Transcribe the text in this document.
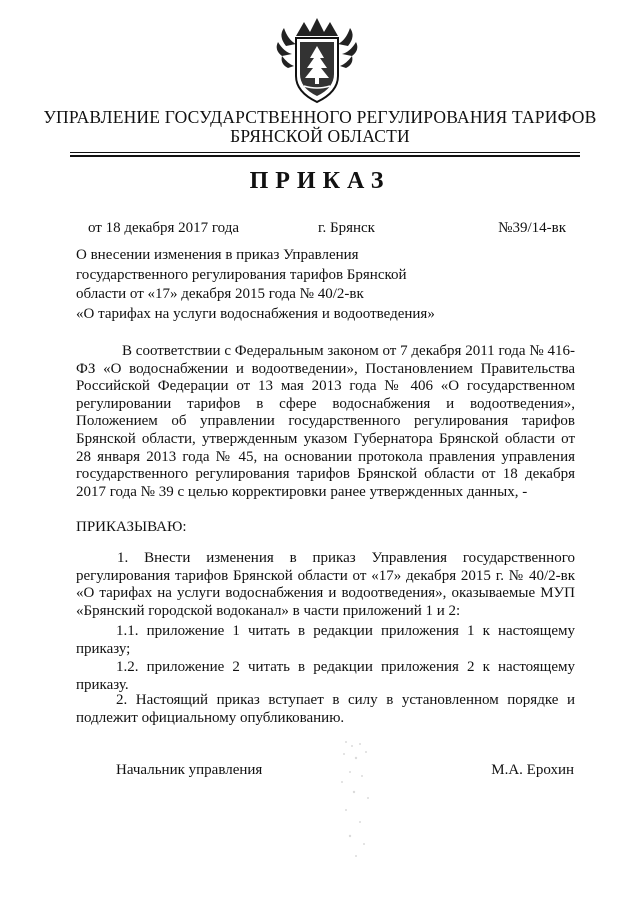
УПРАВЛЕНИЕ ГОСУДАРСТВЕННОГО РЕГУЛИРОВАНИЯ ТАРИФОВ
БРЯНСКОЙ ОБЛАСТИ
ПРИКАЗ
от 18 декабря 2017 года	г. Брянск	№39/14-вк
О внесении изменения в приказ Управления
государственного регулирования тарифов Брянской
области от «17» декабря 2015 года № 40/2-вк
«О тарифах на услуги водоснабжения и водоотведения»
В соответствии с Федеральным законом от 7 декабря 2011 года № 416-ФЗ «О водоснабжении и водоотведении», Постановлением Правительства Российской Федерации от 13 мая 2013 года № 406 «О государственном регулировании тарифов в сфере водоснабжения и водоотведения», Положением об управлении государственного регулирования тарифов Брянской области, утвержденным указом Губернатора Брянской области от 28 января 2013 года № 45, на основании протокола правления управления государственного регулирования тарифов Брянской области от 18 декабря 2017 года № 39 с целью корректировки ранее утвержденных данных, -
ПРИКАЗЫВАЮ:
1. Внести изменения в приказ Управления государственного регулирования тарифов Брянской области от «17» декабря 2015 г. № 40/2-вк «О тарифах на услуги водоснабжения и водоотведения», оказываемые МУП «Брянский городской водоканал» в части приложений 1 и 2:
1.1. приложение 1 читать в редакции приложения 1 к настоящему приказу;
1.2. приложение 2 читать в редакции приложения 2 к настоящему приказу.
2. Настоящий приказ вступает в силу в установленном порядке и подлежит официальному опубликованию.
Начальник управления	М.А. Ерохин
